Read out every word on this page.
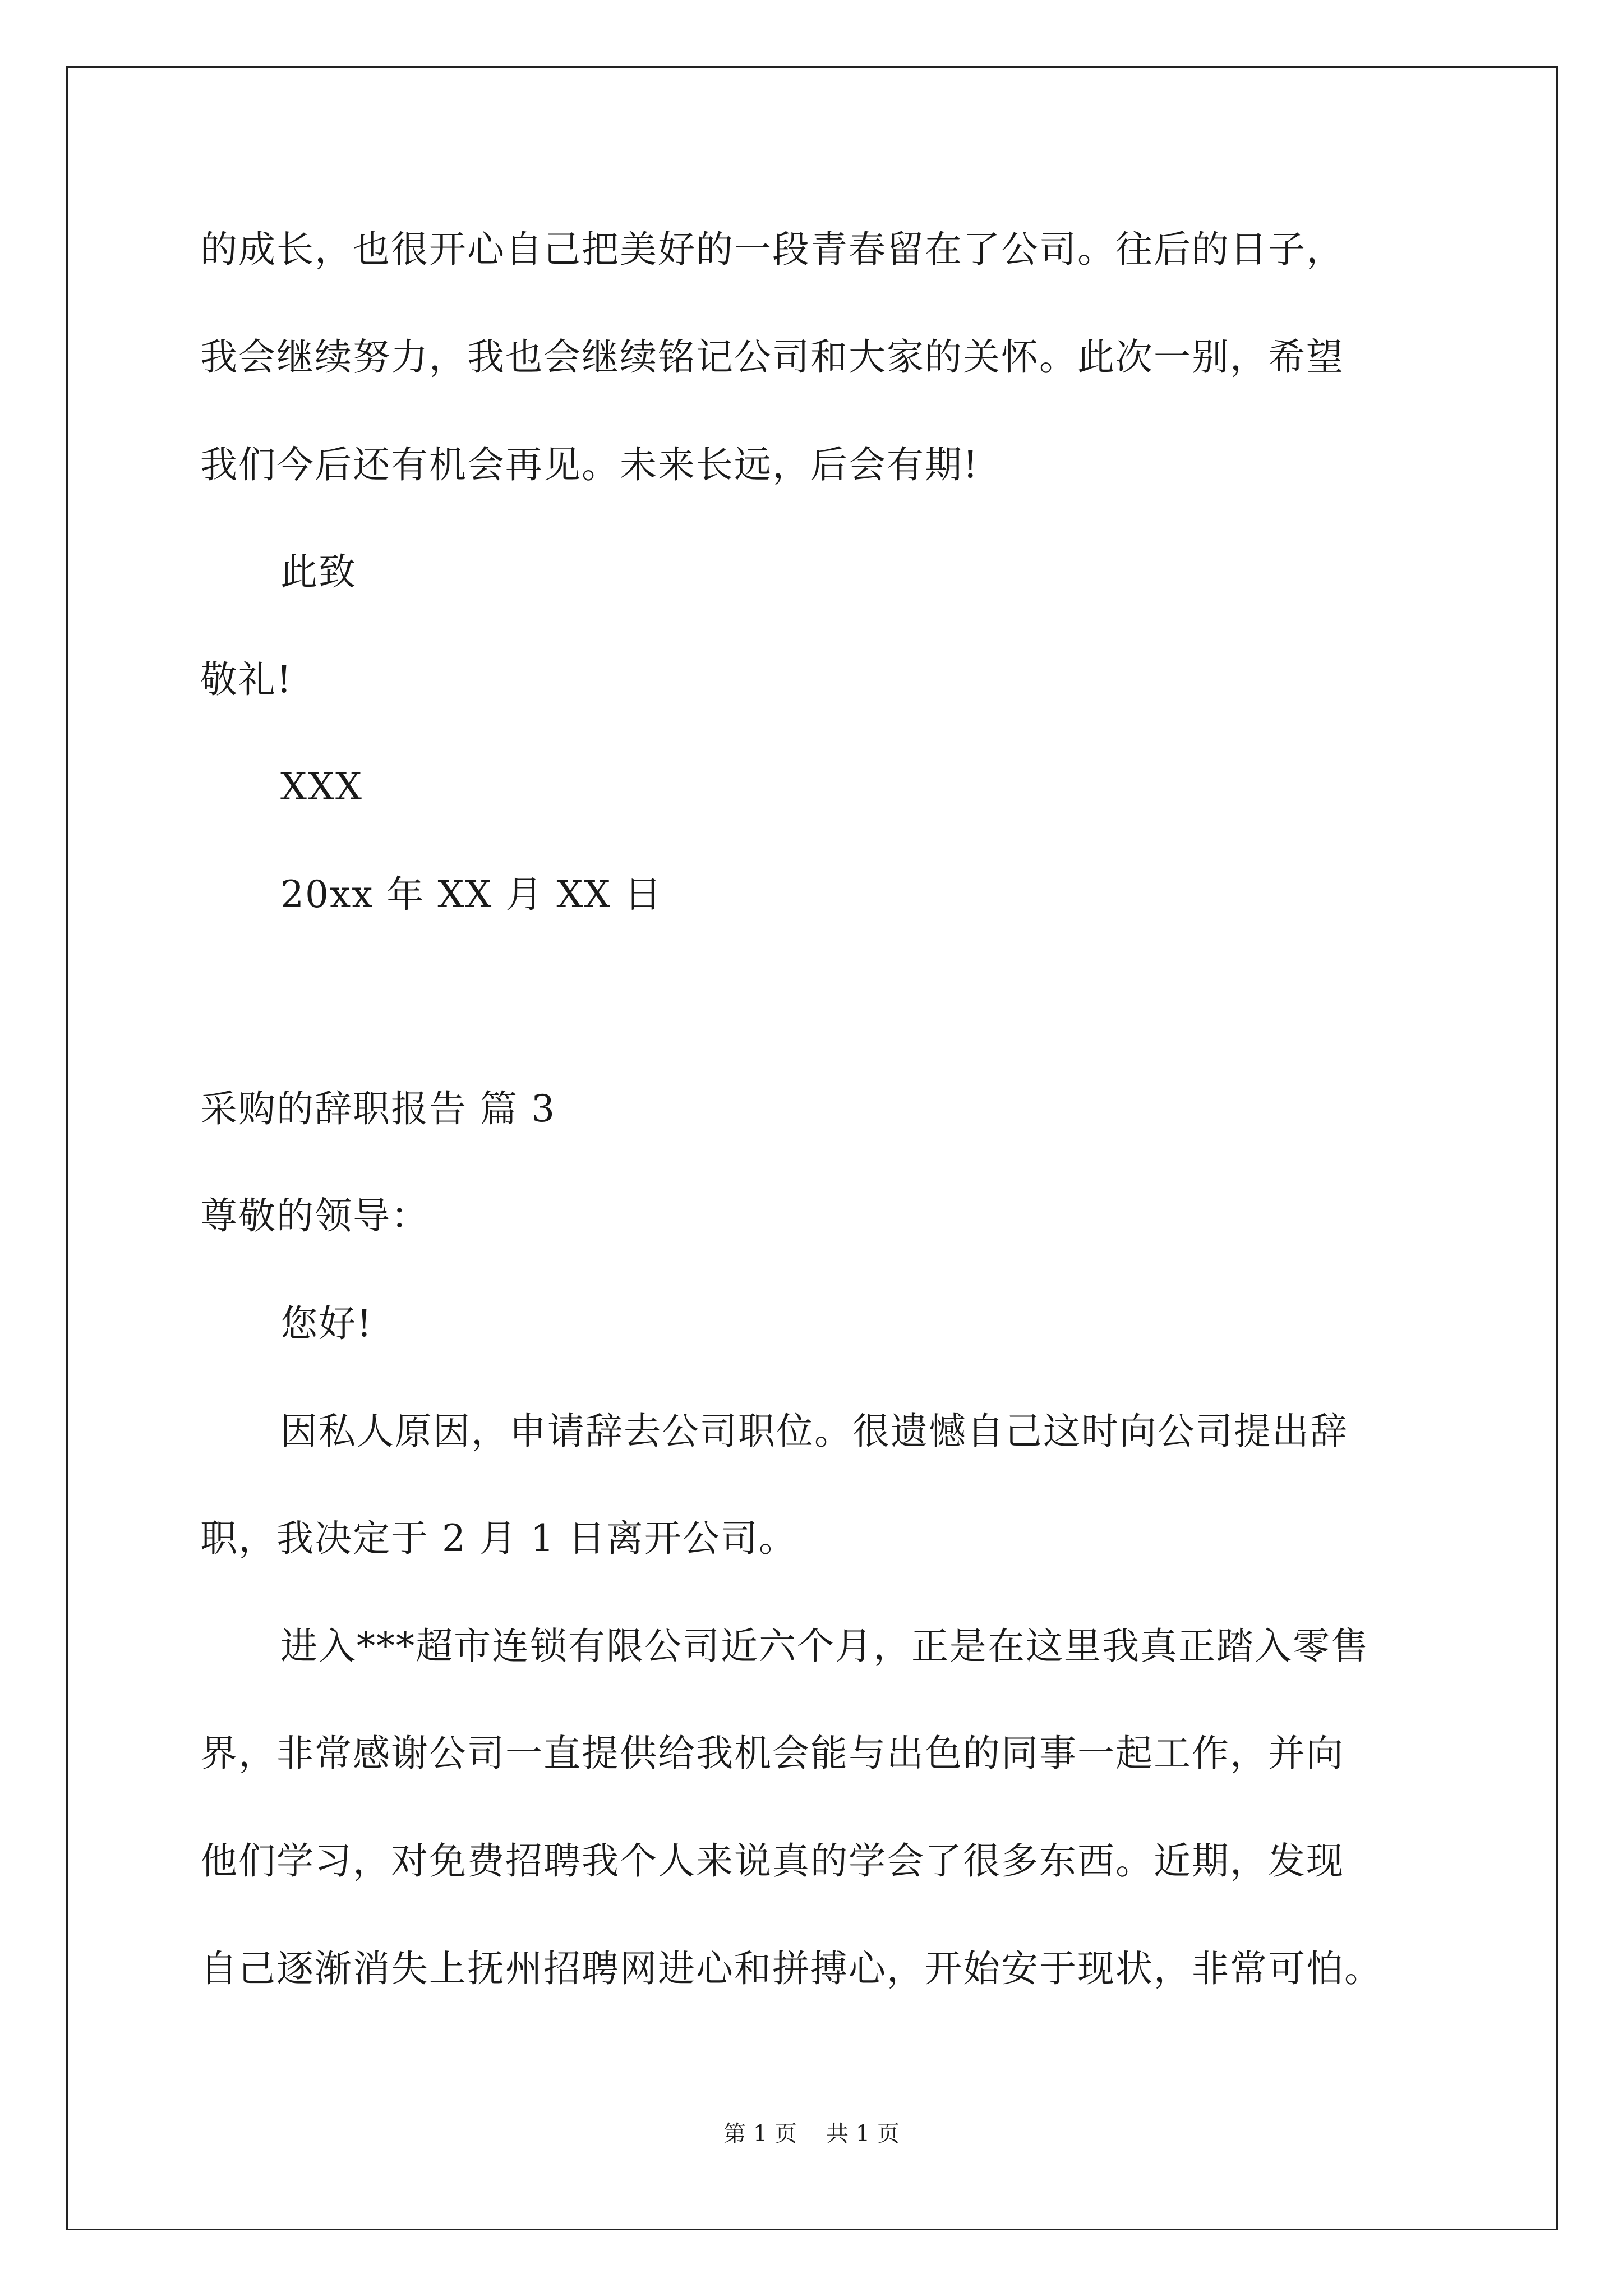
的成长，也很开心自己把美好的一段青春留在了公司。往后的日子，
我会继续努力，我也会继续铭记公司和大家的关怀。此次一别，希望
我们今后还有机会再见。未来长远，后会有期!
此致
敬礼!
XXX
20xx 年 XX 月 XX 日
采购的辞职报告 篇 3
尊敬的领导：
您好!
因私人原因，申请辞去公司职位。很遗憾自己这时向公司提出辞
职，我决定于 2 月 1 日离开公司。
进入***超市连锁有限公司近六个月，正是在这里我真正踏入零售
界，非常感谢公司一直提供给我机会能与出色的同事一起工作，并向
他们学习，对免费招聘我个人来说真的学会了很多东西。近期，发现
自己逐渐消失上抚州招聘网进心和拼搏心，开始安于现状，非常可怕。
第 1 页 共 1 页
